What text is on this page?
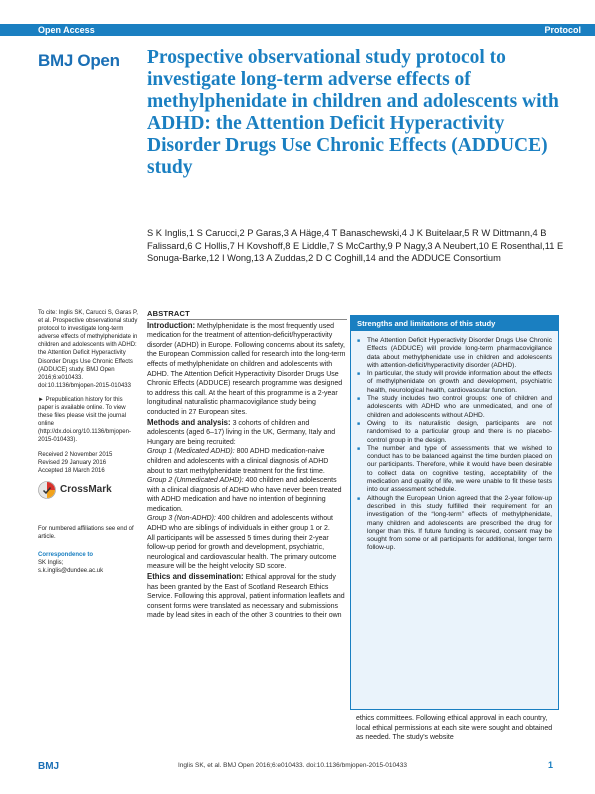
Open Access	Protocol
BMJ Open Prospective observational study protocol to investigate long-term adverse effects of methylphenidate in children and adolescents with ADHD: the Attention Deficit Hyperactivity Disorder Drugs Use Chronic Effects (ADDUCE) study
S K Inglis,1 S Carucci,2 P Garas,3 A Häge,4 T Banaschewski,4 J K Buitelaar,5 R W Dittmann,4 B Falissard,6 C Hollis,7 H Kovshoff,8 E Liddle,7 S McCarthy,9 P Nagy,3 A Neubert,10 E Rosenthal,11 E Sonuga-Barke,12 I Wong,13 A Zuddas,2 D C Coghill,14 and the ADDUCE Consortium

To cite: Inglis SK, Carucci S, Garas P, et al. Prospective observational study protocol to investigate long-term adverse effects of methylphenidate in children and adolescents with ADHD: the Attention Deficit Hyperactivity Disorder Drugs Use Chronic Effects (ADDUCE) study. BMJ Open 2016;6:e010433. doi:10.1136/bmjopen-2015-010433

► Prepublication history for this paper is available online. To view these files please visit the journal online (http://dx.doi.org/10.1136/bmjopen-2015-010433).

Received 2 November 2015
Revised 29 January 2016
Accepted 18 March 2016

CrossMark

For numbered affiliations see end of article.

Correspondence to
SK Inglis;
s.k.inglis@dundee.ac.uk

ABSTRACT

Introduction: Methylphenidate is the most frequently used medication for the treatment of attention-deficit/hyperactivity disorder (ADHD) in Europe. Following concerns about its safety, the European Commission called for research into the long-term effects of methylphenidate on children and adolescents with ADHD. The Attention Deficit Hyperactivity Disorder Drugs Use Chronic Effects (ADDUCE) research programme was designed to address this call. At the heart of this programme is a 2-year longitudinal naturalistic pharmacovigilance study being conducted in 27 European sites.

Methods and analysis: 3 cohorts of children and adolescents (aged 6–17) living in the UK, Germany, Italy and Hungary are being recruited:

Group 1 (Medicated ADHD): 800 ADHD medication-naive children and adolescents with a clinical diagnosis of ADHD about to start methylphenidate treatment for the first time.

Group 2 (Unmedicated ADHD): 400 children and adolescents with a clinical diagnosis of ADHD who have never been treated with ADHD medication and have no intention of beginning medication.

Group 3 (Non-ADHD): 400 children and adolescents without ADHD who are siblings of individuals in either group 1 or 2.

All participants will be assessed 5 times during their 2-year follow-up period for growth and development, psychiatric, neurological and cardiovascular health. The primary outcome measure will be the height velocity SD score.

Ethics and dissemination: Ethical approval for the study has been granted by the East of Scotland Research Ethics Service. Following this approval, patient information leaflets and consent forms were translated as necessary and submissions made by lead sites in each of the other 3 countries to their own

Strengths and limitations of this study
■ The Attention Deficit Hyperactivity Disorder Drugs Use Chronic Effects (ADDUCE) will provide long-term pharmacovigilance data about methylphenidate use in children and adolescents with attention-deficit/hyperactivity disorder (ADHD).
■ In particular, the study will provide information about the effects of methylphenidate on growth and development, psychiatric health, neurological health, cardiovascular function.
■ The study includes two control groups: one of children and adolescents with ADHD who are unmedicated, and one of children and adolescents without ADHD.
■ Owing to its naturalistic design, participants are not randomised to a particular group and there is no placebo-control group in the design.
■ The number and type of assessments that we wished to conduct has to be balanced against the time burden placed on our participants. Therefore, while it would have been desirable to collect data on cognitive testing, acceptability of the medication and quality of life, we were unable to fit these tests into our assessment schedule.
■ Although the European Union agreed that the 2-year follow-up described in this study fulfilled their requirement for an investigation of the “long-term” effects of methylphenidate, many children and adolescents are prescribed the drug for longer than this. If future funding is secured, consent may be sought from some or all participants for additional, longer term follow-up.
ethics committees. Following ethical approval in each country, local ethical permissions at each site were sought and obtained as needed. The study's website
BMJ	Inglis SK, et al. BMJ Open 2016;6:e010433. doi:10.1136/bmjopen-2015-010433	1
